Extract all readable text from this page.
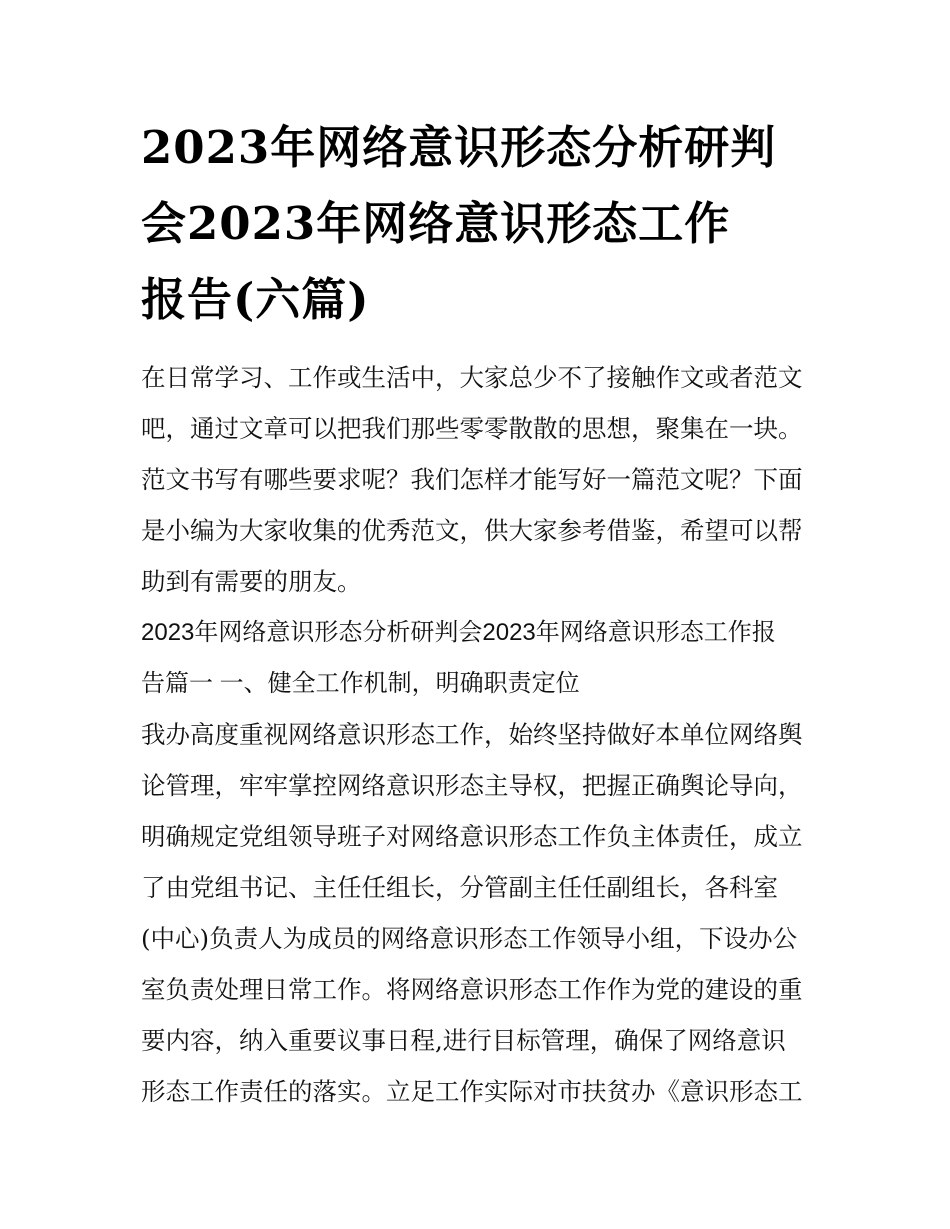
2023年网络意识形态分析研判
会2023年网络意识形态工作
报告(六篇)
在日常学习、工作或生活中，大家总少不了接触作文或者范文
吧，通过文章可以把我们那些零零散散的思想，聚集在一块。
范文书写有哪些要求呢？我们怎样才能写好一篇范文呢？下面
是小编为大家收集的优秀范文，供大家参考借鉴，希望可以帮
助到有需要的朋友。
2023年网络意识形态分析研判会2023年网络意识形态工作报
告篇一 一、健全工作机制，明确职责定位
我办高度重视网络意识形态工作，始终坚持做好本单位网络舆
论管理，牢牢掌控网络意识形态主导权，把握正确舆论导向，
明确规定党组领导班子对网络意识形态工作负主体责任，成立
了由党组书记、主任任组长，分管副主任任副组长，各科室
(中心)负责人为成员的网络意识形态工作领导小组，下设办公
室负责处理日常工作。将网络意识形态工作作为党的建设的重
要内容，纳入重要议事日程,进行目标管理，确保了网络意识
形态工作责任的落实。立足工作实际对市扶贫办《意识形态工
